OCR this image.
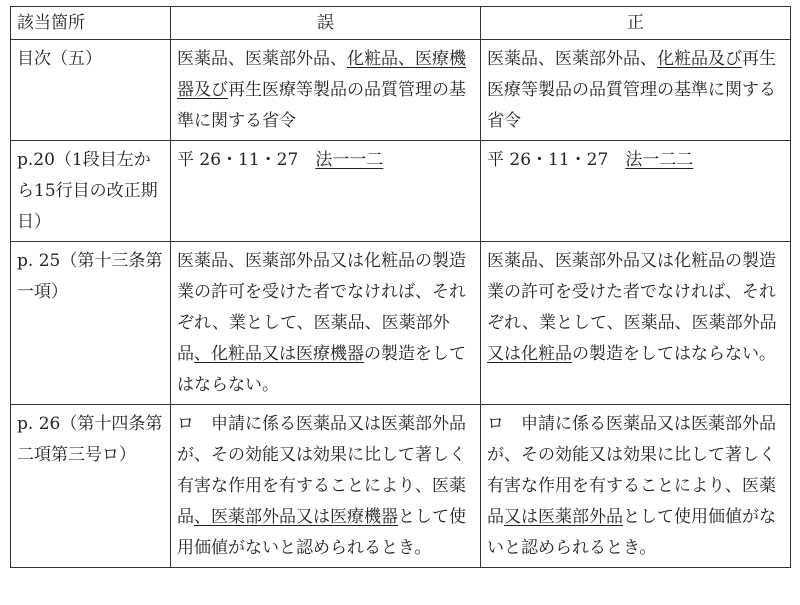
該当箇所	誤	正
目次（五）	医薬品、医薬部外品、化粧品、医療機器及び再生医療等製品の品質管理の基準に関する省令	医薬品、医薬部外品、化粧品及び再生医療等製品の品質管理の基準に関する省令
p.20（1段目左から15行目の改正期日）	平 26・11・27　法一一二	平 26・11・27　法一二二
p. 25（第十三条第一項）	医薬品、医薬部外品又は化粧品の製造業の許可を受けた者でなければ、それぞれ、業として、医薬品、医薬部外品、化粧品又は医療機器の製造をしてはならない。	医薬品、医薬部外品又は化粧品の製造業の許可を受けた者でなければ、それぞれ、業として、医薬品、医薬部外品又は化粧品の製造をしてはならない。
p. 26（第十四条第二項第三号ロ）	ロ　申請に係る医薬品又は医薬部外品が、その効能又は効果に比して著しく有害な作用を有することにより、医薬品、医薬部外品又は医療機器として使用価値がないと認められるとき。	ロ　申請に係る医薬品又は医薬部外品が、その効能又は効果に比して著しく有害な作用を有することにより、医薬品又は医薬部外品として使用価値がないと認められるとき。
